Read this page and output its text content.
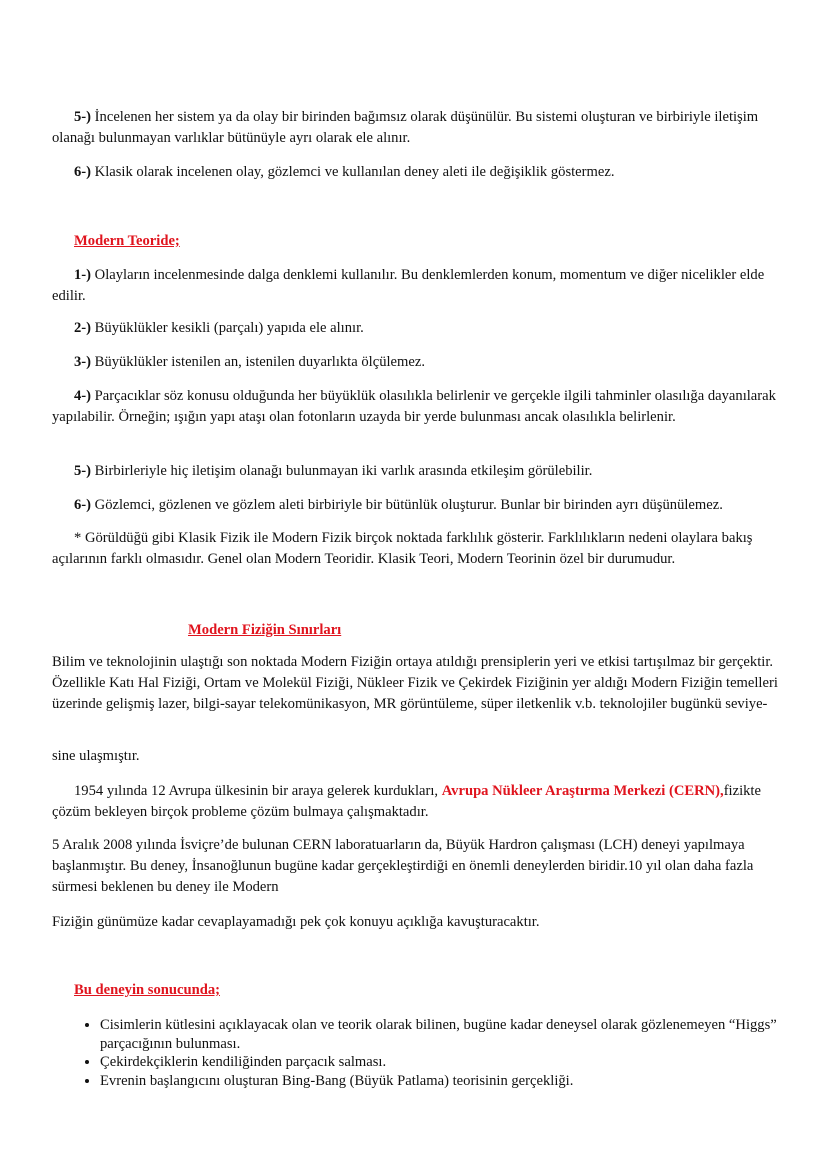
5-) İncelenen her sistem ya da olay bir birinden bağımsız olarak düşünülür. Bu sistemi oluşturan ve birbiriyle iletişim olanağı bulunmayan varlıklar bütünüyle ayrı olarak ele alınır.

6-) Klasik olarak incelenen olay, gözlemci ve kullanılan deney aleti ile değişiklik göstermez.

Modern Teoride;

1-) Olayların incelenmesinde dalga denklemi kullanılır. Bu denklemlerden konum, momentum ve diğer nicelikler elde edilir.

2-) Büyüklükler kesikli (parçalı) yapıda ele alınır.

3-) Büyüklükler istenilen an, istenilen duyarlıkta ölçülemez.

4-) Parçacıklar söz konusu olduğunda her büyüklük olasılıkla belirlenir ve gerçekle ilgili tahminler olasılığa dayanılarak yapılabilir. Örneğin; ışığın yapı ataşı olan fotonların uzayda bir yerde bulunması ancak olasılıkla belirlenir.

5-) Birbirleriyle hiç iletişim olanağı bulunmayan iki varlık arasında etkileşim görülebilir.

6-) Gözlemci, gözlenen ve gözlem aleti birbiriyle bir bütünlük oluşturur. Bunlar bir birinden ayrı düşünülemez.

* Görüldüğü gibi Klasik Fizik ile Modern Fizik birçok noktada farklılık gösterir. Farklılıkların nedeni olaylara bakış açılarının farklı olmasıdır. Genel olan Modern Teoridir. Klasik Teori, Modern Teorinin özel bir durumudur.

Modern Fiziğin Sınırları

Bilim ve teknolojinin ulaştığı son noktada Modern Fiziğin ortaya atıldığı prensiplerin yeri ve etkisi tartışılmaz bir gerçektir. Özellikle Katı Hal Fiziği, Ortam ve Molekül Fiziği, Nükleer Fizik ve Çekirdek Fiziğinin yer aldığı Modern Fiziğin temelleri üzerinde gelişmiş lazer, bilgi-sayar telekomünikasyon, MR görüntüleme, süper iletkenlik v.b. teknolojiler bugünkü seviye-

sine ulaşmıştır.

1954 yılında 12 Avrupa ülkesinin bir araya gelerek kurdukları, Avrupa Nükleer Araştırma Merkezi (CERN),fizikte çözüm bekleyen birçok probleme çözüm bulmaya çalışmaktadır.

5 Aralık 2008 yılında İsviçre’de bulunan CERN laboratuarların da, Büyük Hardron çalışması (LCH) deneyi yapılmaya başlanmıştır. Bu deney, İnsanoğlunun bugüne kadar gerçekleştirdiği en önemli deneylerden biridir.10 yıl olan daha fazla sürmesi beklenen bu deney ile Modern

Fiziğin günümüze kadar cevaplayamadığı pek çok konuyu açıklığa kavuşturacaktır.

Bu deneyin sonucunda;

• Cisimlerin kütlesini açıklayacak olan ve teorik olarak bilinen, bugüne kadar deneysel olarak gözlenemeyen “Higgs” parçacığının bulunması.
• Çekirdekçiklerin kendiliğinden parçacık salması.
• Evrenin başlangıcını oluşturan Bing-Bang (Büyük Patlama) teorisinin gerçekliği.
